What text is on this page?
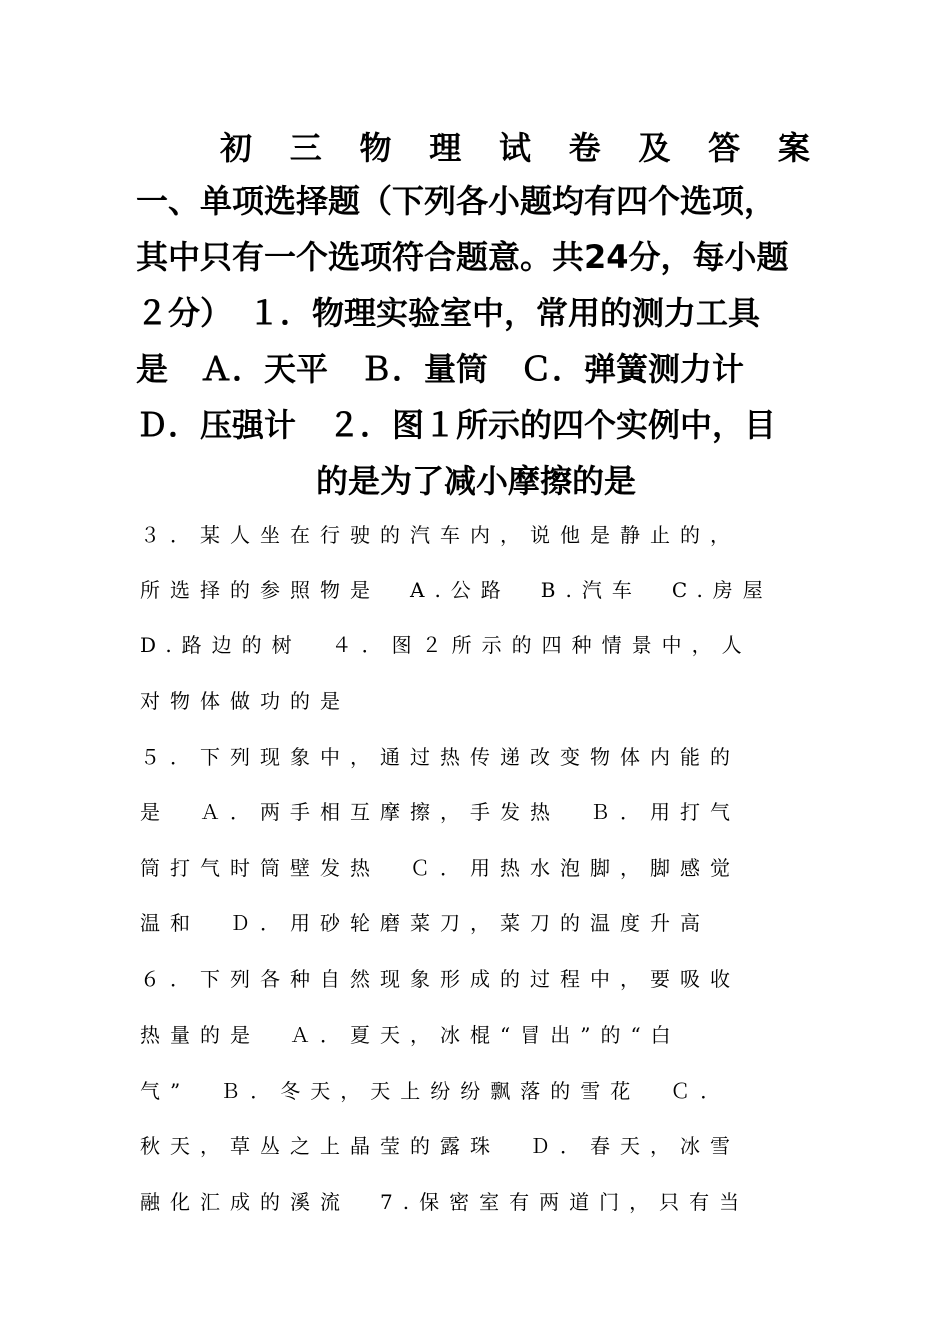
初 三 物 理 试 卷 及 答 案
一、单项选择题（下列各小题均有四个选项，
其中只有一个选项符合题意。共24分，每小题
２分）　１．物理实验室中，常用的测力工具
是　Ａ．天平　Ｂ．量筒　Ｃ．弹簧测力计
Ｄ．压强计　２．图１所示的四个实例中，目
的是为了减小摩擦的是
３．某人坐在行驶的汽车内，说他是静止的，
所选择的参照物是　A.公路　B.汽车　C.房屋
D.路边的树　４．图２所示的四种情景中，人
对物体做功的是
５．下列现象中，通过热传递改变物体内能的
是　Ａ．两手相互摩擦，手发热　Ｂ．用打气
筒打气时筒壁发热　Ｃ．用热水泡脚，脚感觉
温和　Ｄ．用砂轮磨菜刀，菜刀的温度升高
６．下列各种自然现象形成的过程中，要吸收
热量的是　Ａ．夏天，冰棍“冒出”的“白
气”　Ｂ．冬天，天上纷纷飘落的雪花　Ｃ．
秋天，草丛之上晶莹的露珠　Ｄ．春天，冰雪
融化汇成的溪流　7.保密室有两道门，只有当
